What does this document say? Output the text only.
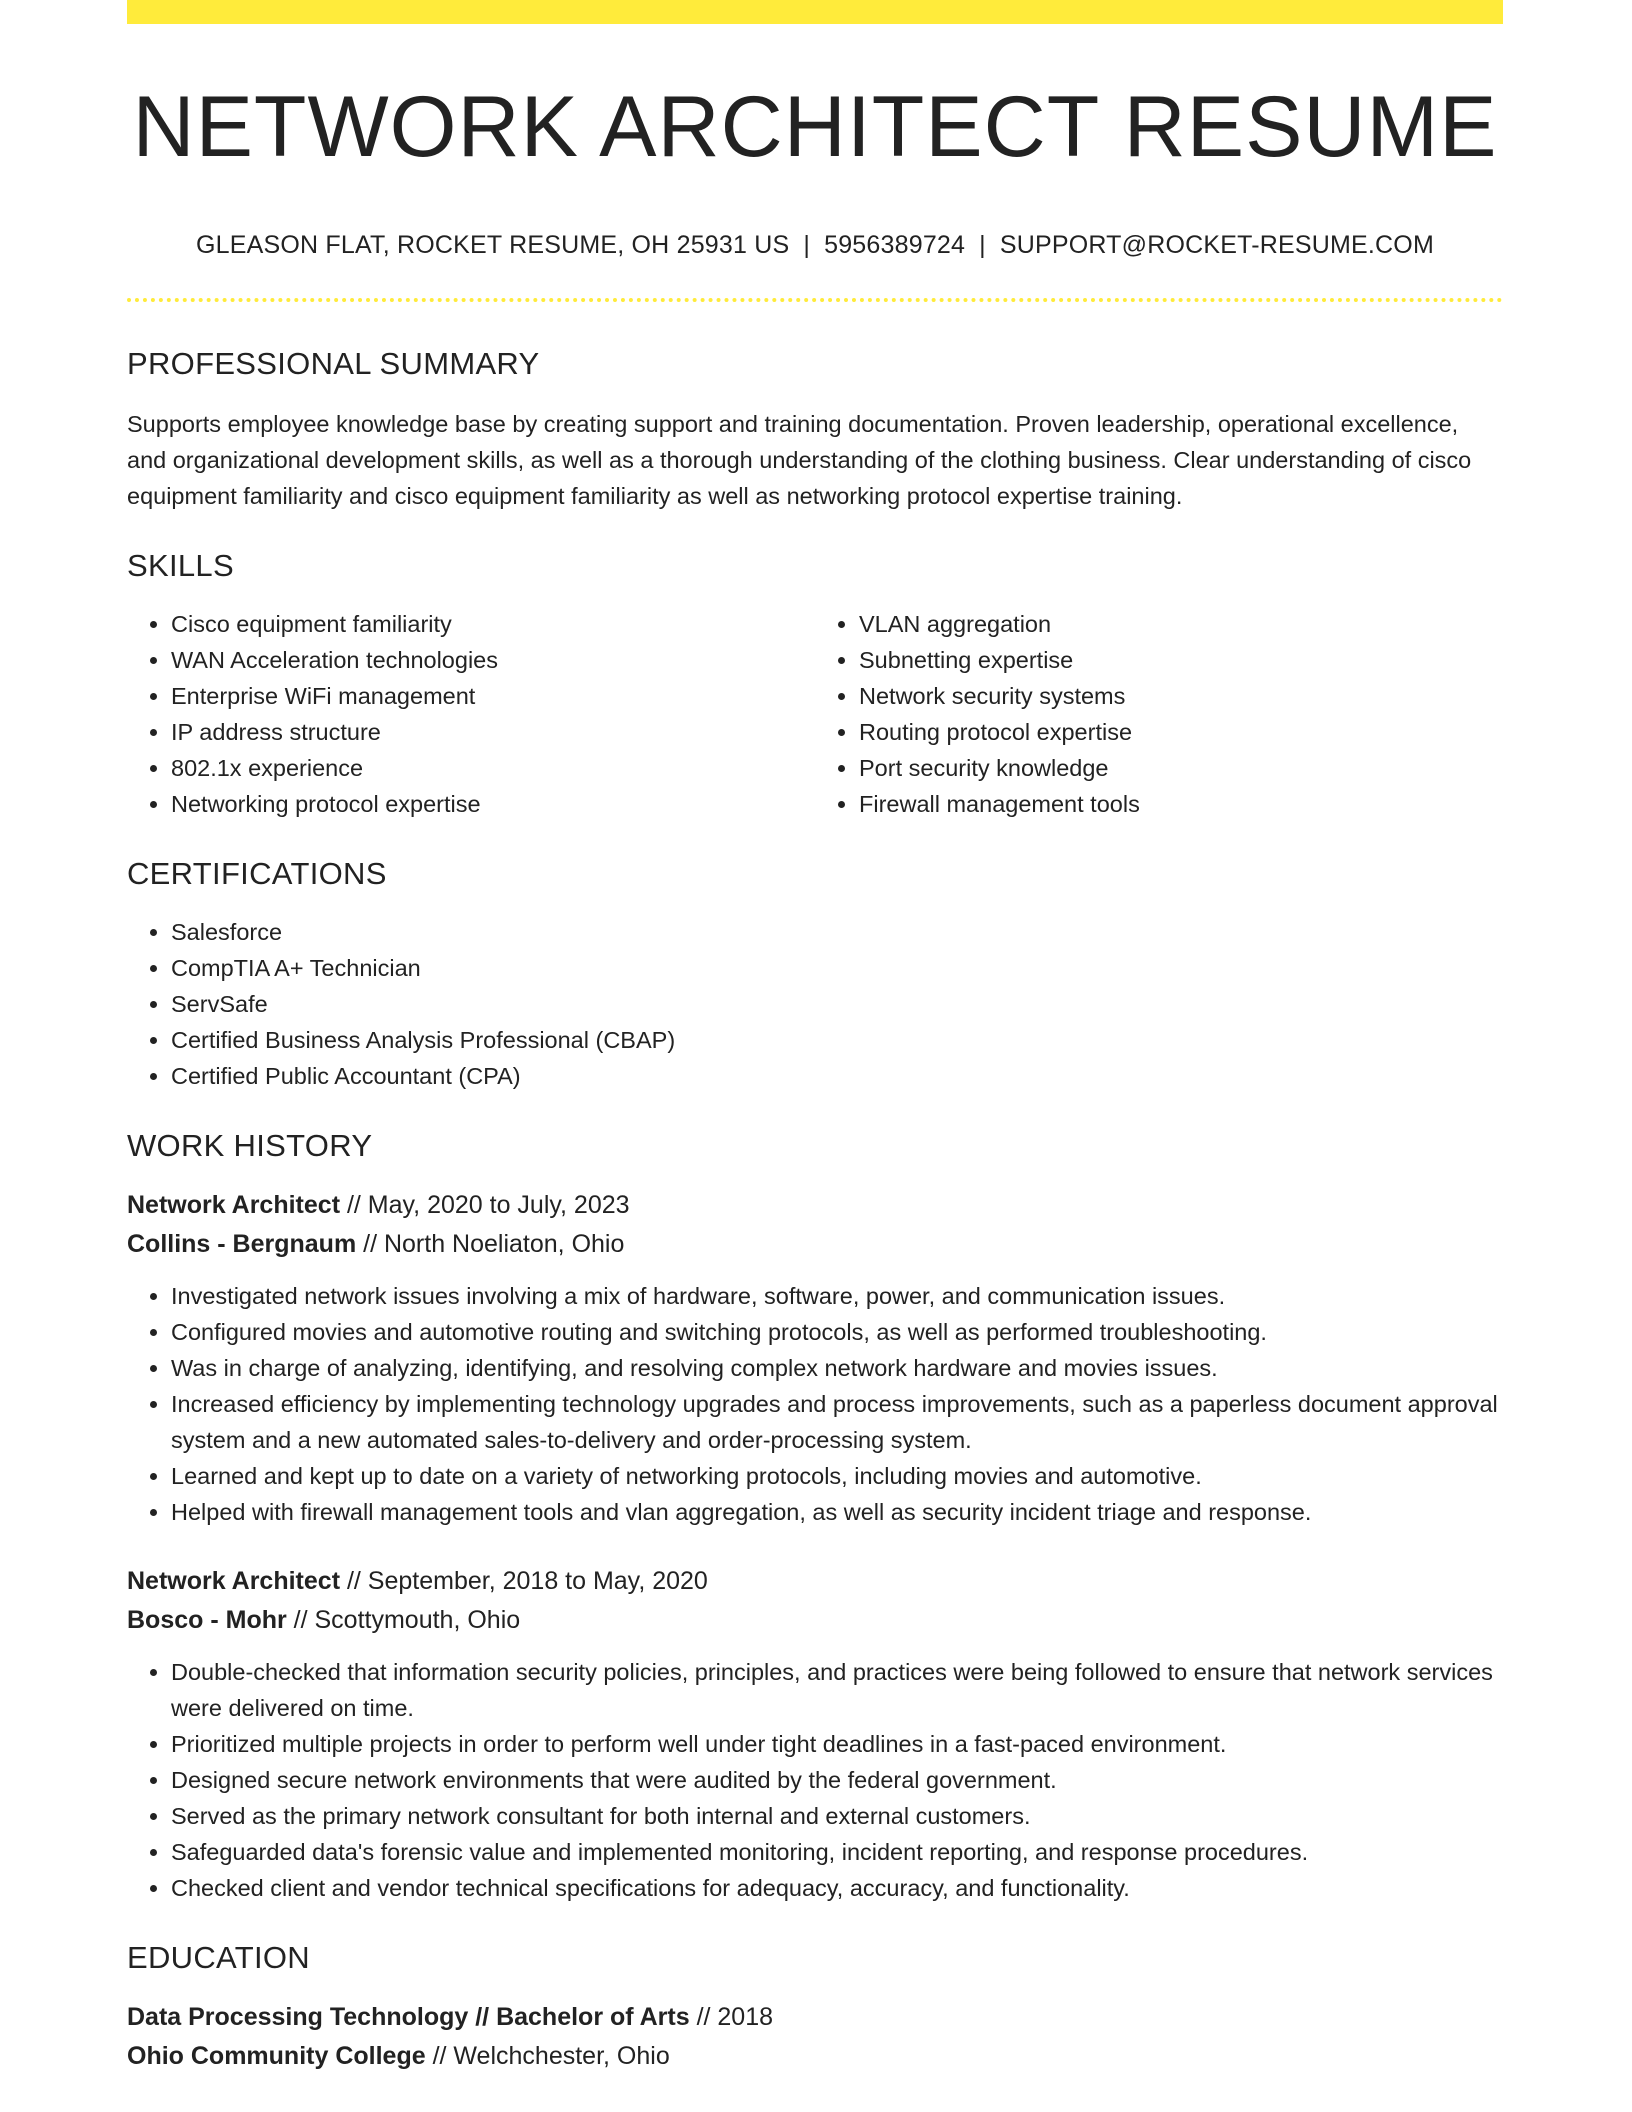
NETWORK ARCHITECT RESUME
GLEASON FLAT, ROCKET RESUME, OH 25931 US | 5956389724 | SUPPORT@ROCKET-RESUME.COM
PROFESSIONAL SUMMARY

Supports employee knowledge base by creating support and training documentation. Proven leadership, operational excellence, and organizational development skills, as well as a thorough understanding of the clothing business. Clear understanding of cisco equipment familiarity and cisco equipment familiarity as well as networking protocol expertise training.

SKILLS
• Cisco equipment familiarity
• WAN Acceleration technologies
• Enterprise WiFi management
• IP address structure
• 802.1x experience
• Networking protocol expertise
• VLAN aggregation
• Subnetting expertise
• Network security systems
• Routing protocol expertise
• Port security knowledge
• Firewall management tools
CERTIFICATIONS
• Salesforce
• CompTIA A+ Technician
• ServSafe
• Certified Business Analysis Professional (CBAP)
• Certified Public Accountant (CPA)
WORK HISTORY
Network Architect // May, 2020 to July, 2023
Collins - Bergnaum // North Noeliaton, Ohio
• Investigated network issues involving a mix of hardware, software, power, and communication issues.
• Configured movies and automotive routing and switching protocols, as well as performed troubleshooting.
• Was in charge of analyzing, identifying, and resolving complex network hardware and movies issues.
• Increased efficiency by implementing technology upgrades and process improvements, such as a paperless document approval system and a new automated sales-to-delivery and order-processing system.
• Learned and kept up to date on a variety of networking protocols, including movies and automotive.
• Helped with firewall management tools and vlan aggregation, as well as security incident triage and response.
Network Architect // September, 2018 to May, 2020
Bosco - Mohr // Scottymouth, Ohio
• Double-checked that information security policies, principles, and practices were being followed to ensure that network services were delivered on time.
• Prioritized multiple projects in order to perform well under tight deadlines in a fast-paced environment.
• Designed secure network environments that were audited by the federal government.
• Served as the primary network consultant for both internal and external customers.
• Safeguarded data's forensic value and implemented monitoring, incident reporting, and response procedures.
• Checked client and vendor technical specifications for adequacy, accuracy, and functionality.
EDUCATION
Data Processing Technology // Bachelor of Arts // 2018
Ohio Community College // Welchchester, Ohio
